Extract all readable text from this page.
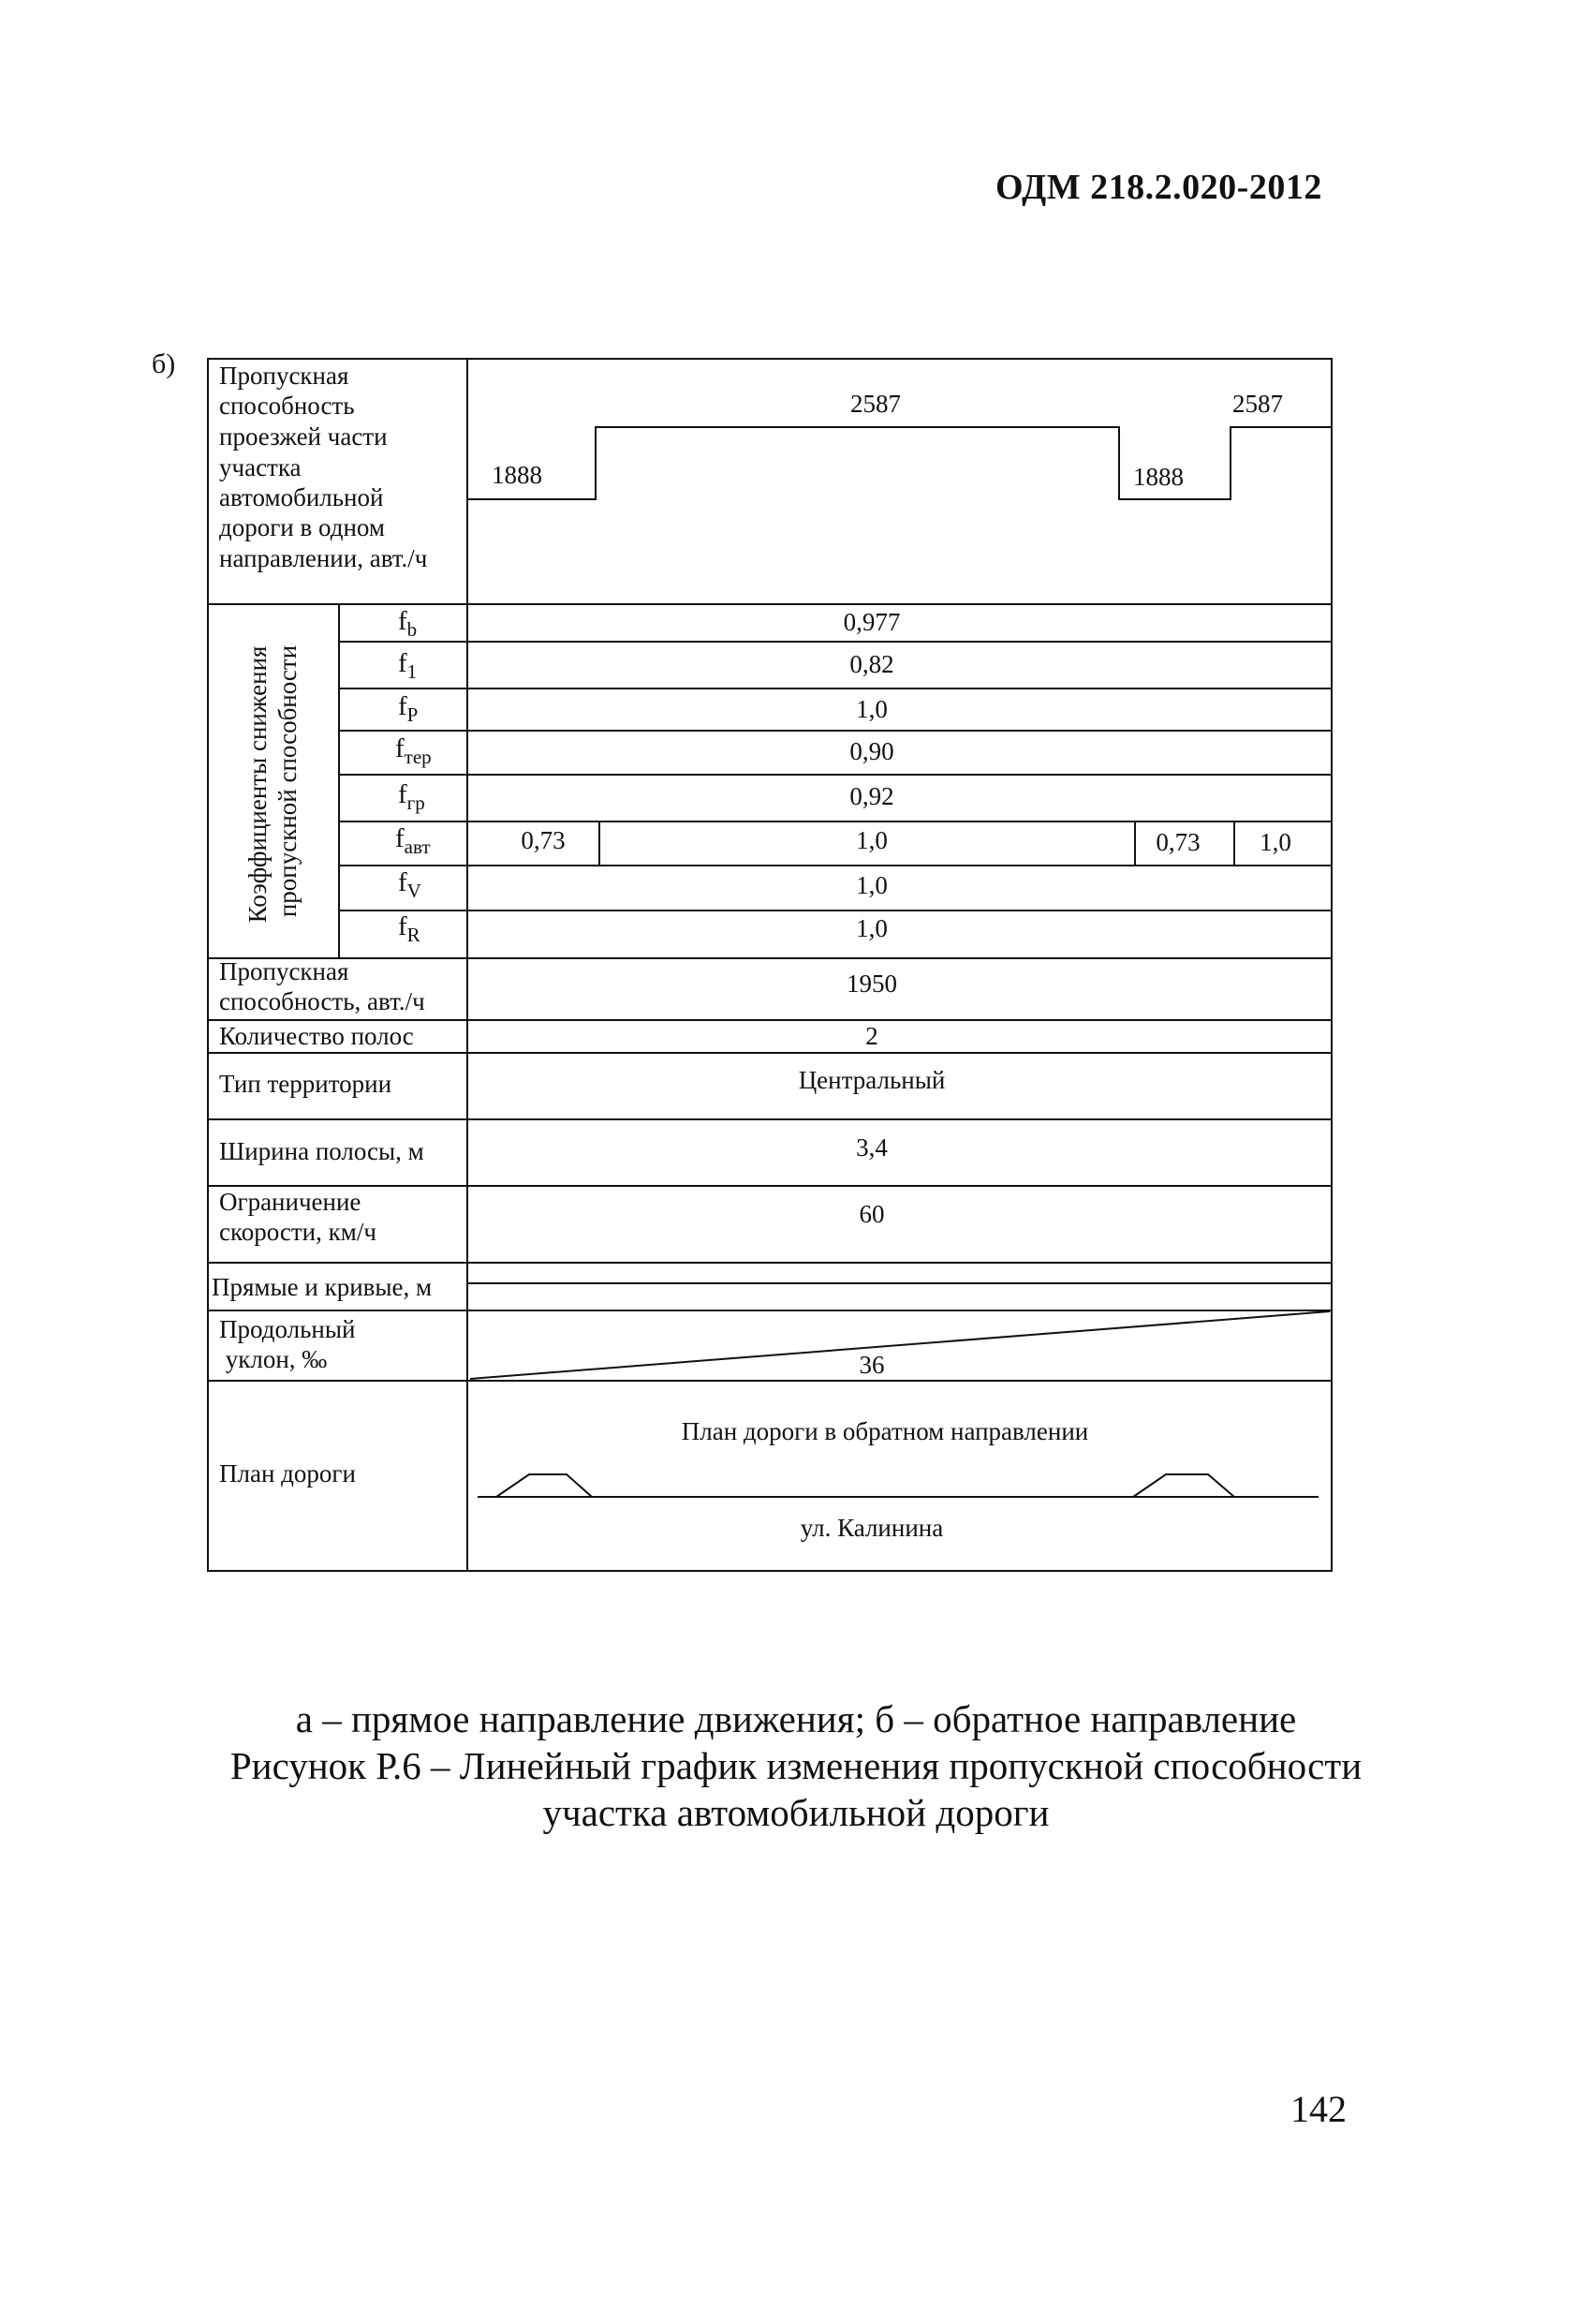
ОДМ 218.2.020-2012
б) Пропускная способность проезжей части участка автомобильной дороги в одном направлении, авт./ч
1888
2587
1888
2587
Коэффициенты снижения пропускной способности
$f_b$
$f_1$
$f_P$
$f_{тер}$
$f_{гр}$
$f_{авт}$
$f_V$
$f_R$
0,977
0,82
1,0
0,90
0,92
0,73	1,0	0,73 1,0
1,0
1,0
Пропускная способность, авт./ч
Количество полос
Тип территории
Ширина полосы, м
Ограничение скорости, км/ч
Прямые и кривые, м
Продольный      уклон, ‰
1950
2
Центральный
3,4
60
36
План дороги
План дороги в обратном направлении
ул. Калинина
а – прямое направление движения; б – обратное направление
Рисунок Р.6 – Линейный график изменения пропускной способности
участка автомобильной дороги
142
